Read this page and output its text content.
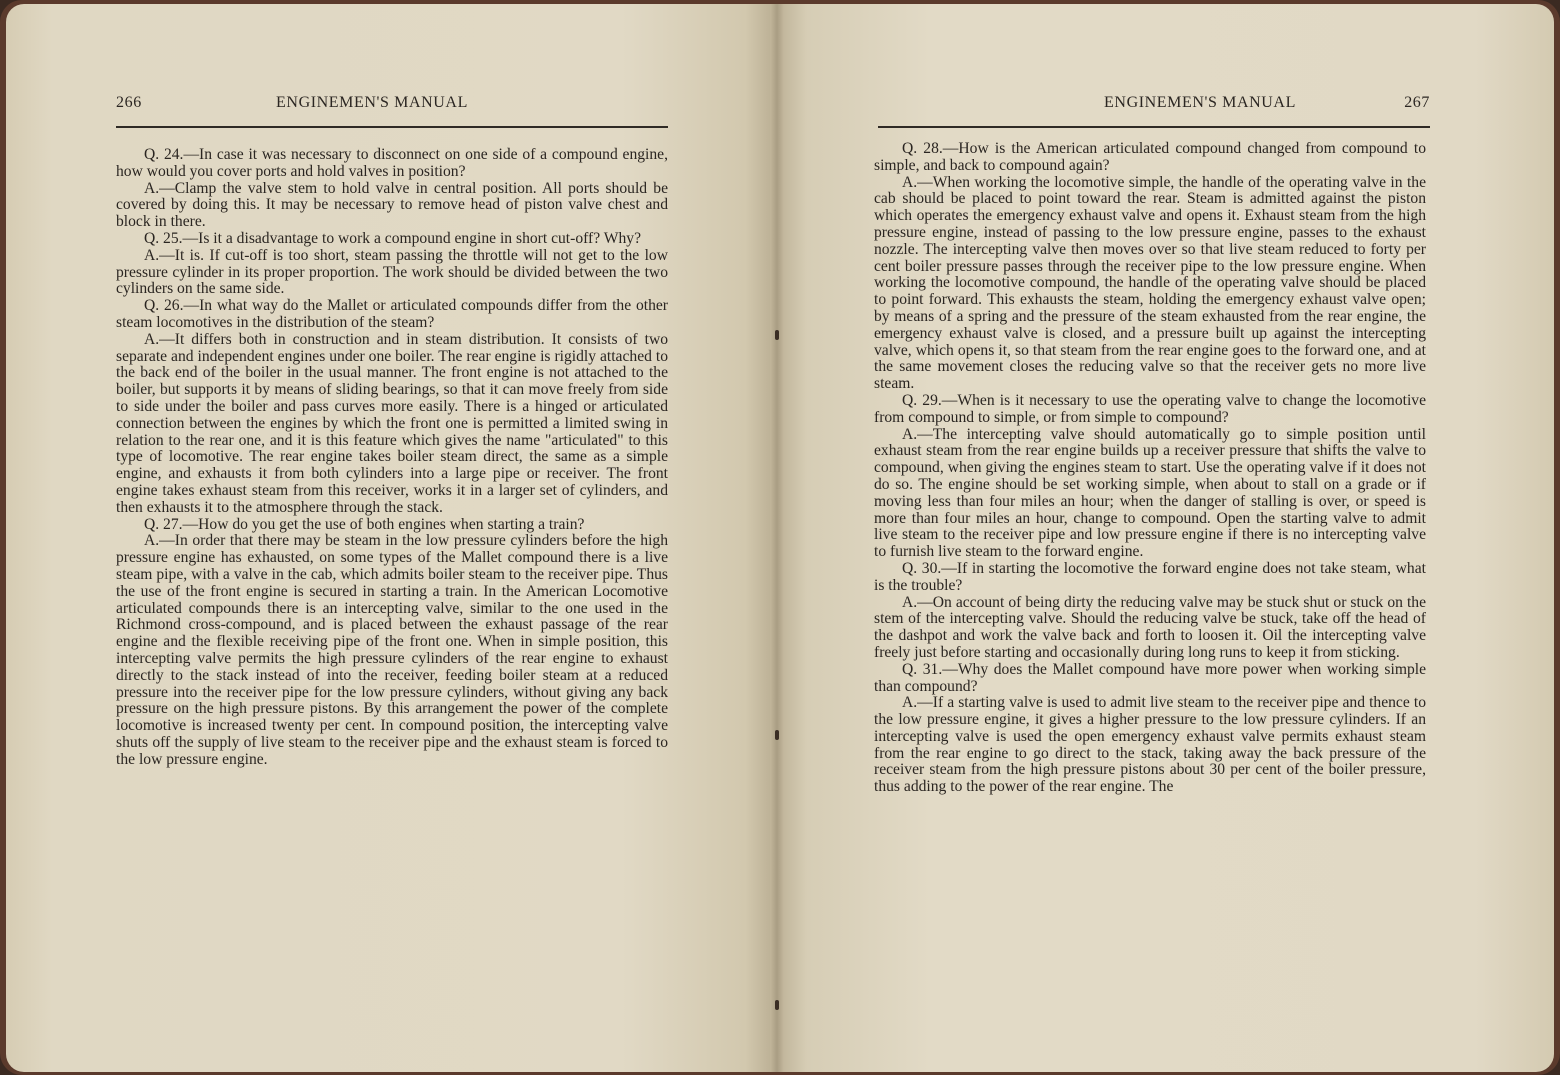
266	ENGINEMEN'S MANUAL

Q. 24.—In case it was necessary to disconnect on one side of a compound engine, how would you cover ports and hold valves in position?

A.—Clamp the valve stem to hold valve in central position. All ports should be covered by doing this. It may be necessary to remove head of piston valve chest and block in there.

Q. 25.—Is it a disadvantage to work a compound engine in short cut-off? Why?

A.—It is. If cut-off is too short, steam passing the throttle will not get to the low pressure cylinder in its proper proportion. The work should be divided between the two cylinders on the same side.

Q. 26.—In what way do the Mallet or articulated compounds differ from the other steam locomotives in the distribution of the steam?

A.—It differs both in construction and in steam distribution. It consists of two separate and independent engines under one boiler. The rear engine is rigidly attached to the back end of the boiler in the usual manner. The front engine is not attached to the boiler, but supports it by means of sliding bearings, so that it can move freely from side to side under the boiler and pass curves more easily. There is a hinged or articulated connection between the engines by which the front one is permitted a limited swing in relation to the rear one, and it is this feature which gives the name "articulated" to this type of locomotive. The rear engine takes boiler steam direct, the same as a simple engine, and exhausts it from both cylinders into a large pipe or receiver. The front engine takes exhaust steam from this receiver, works it in a larger set of cylinders, and then exhausts it to the atmosphere through the stack.

Q. 27.—How do you get the use of both engines when starting a train?

A.—In order that there may be steam in the low pressure cylinders before the high pressure engine has exhausted, on some types of the Mallet compound there is a live steam pipe, with a valve in the cab, which admits boiler steam to the receiver pipe. Thus the use of the front engine is secured in starting a train. In the American Locomotive articulated compounds there is an intercepting valve, similar to the one used in the Richmond cross-compound, and is placed between the exhaust passage of the rear engine and the flexible receiving pipe of the front one. When in simple position, this intercepting valve permits the high pressure cylinders of the rear engine to exhaust directly to the stack instead of into the receiver, feeding boiler steam at a reduced pressure into the receiver pipe for the low pressure cylinders, without giving any back pressure on the high pressure pistons. By this arrangement the power of the complete locomotive is increased twenty per cent. In compound position, the intercepting valve shuts off the supply of live steam to the receiver pipe and the exhaust steam is forced to the low pressure engine.

ENGINEMEN'S MANUAL	267

Q. 28.—How is the American articulated compound changed from compound to simple, and back to compound again?

A.—When working the locomotive simple, the handle of the operating valve in the cab should be placed to point toward the rear. Steam is admitted against the piston which operates the emergency exhaust valve and opens it. Exhaust steam from the high pressure engine, instead of passing to the low pressure engine, passes to the exhaust nozzle. The intercepting valve then moves over so that live steam reduced to forty per cent boiler pressure passes through the receiver pipe to the low pressure engine. When working the locomotive compound, the handle of the operating valve should be placed to point forward. This exhausts the steam, holding the emergency exhaust valve open; by means of a spring and the pressure of the steam exhausted from the rear engine, the emergency exhaust valve is closed, and a pressure built up against the intercepting valve, which opens it, so that steam from the rear engine goes to the forward one, and at the same movement closes the reducing valve so that the receiver gets no more live steam.

Q. 29.—When is it necessary to use the operating valve to change the locomotive from compound to simple, or from simple to compound?

A.—The intercepting valve should automatically go to simple position until exhaust steam from the rear engine builds up a receiver pressure that shifts the valve to compound, when giving the engines steam to start. Use the operating valve if it does not do so. The engine should be set working simple, when about to stall on a grade or if moving less than four miles an hour; when the danger of stalling is over, or speed is more than four miles an hour, change to compound. Open the starting valve to admit live steam to the receiver pipe and low pressure engine if there is no intercepting valve to furnish live steam to the forward engine.

Q. 30.—If in starting the locomotive the forward engine does not take steam, what is the trouble?

A.—On account of being dirty the reducing valve may be stuck shut or stuck on the stem of the intercepting valve. Should the reducing valve be stuck, take off the head of the dashpot and work the valve back and forth to loosen it. Oil the intercepting valve freely just before starting and occasionally during long runs to keep it from sticking.

Q. 31.—Why does the Mallet compound have more power when working simple than compound?

A.—If a starting valve is used to admit live steam to the receiver pipe and thence to the low pressure engine, it gives a higher pressure to the low pressure cylinders. If an intercepting valve is used the open emergency exhaust valve permits exhaust steam from the rear engine to go direct to the stack, taking away the back pressure of the receiver steam from the high pressure pistons about 30 per cent of the boiler pressure, thus adding to the power of the rear engine. The
